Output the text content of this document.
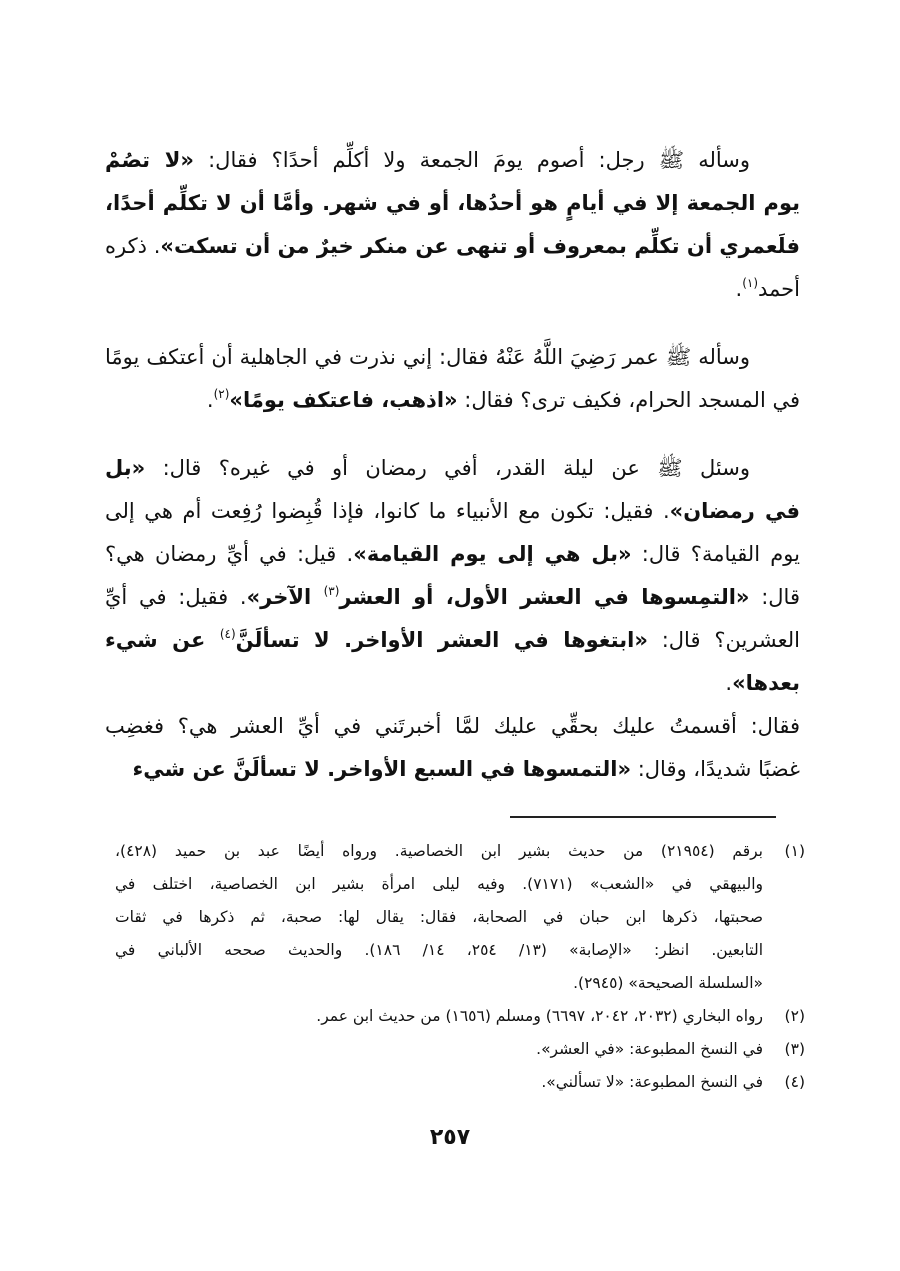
وسأله ﷺ رجل: أصوم يومَ الجمعة ولا أكلِّم أحدًا؟ فقال: «لا تصُمْ
يوم الجمعة إلا في أيامٍ هو أحدُها، أو في شهر. وأمَّا أن لا تكلِّم أحدًا،
فلَعمري أن تكلِّم بمعروف أو تنهى عن منكر خيرٌ من أن تسكت». ذكره
أحمد$^{(١)}$.
وسأله ﷺ عمر رَضِيَ اللَّهُ عَنْهُ فقال: إني نذرت في الجاهلية أن أعتكف يومًا
في المسجد الحرام، فكيف ترى؟ فقال: «اذهب، فاعتكف يومًا»$^{(٢)}$.
وسئل ﷺ عن ليلة القدر، أفي رمضان أو في غيره؟ قال: «بل
في رمضان». فقيل: تكون مع الأنبياء ما كانوا، فإذا قُبِضوا رُفِعت أم هي إلى
يوم القيامة؟ قال: «بل هي إلى يوم القيامة». قيل: في أيِّ رمضان هي؟
قال: «التمِسوها في العشر الأول، أو العشر$^{(٣)}$ الآخر». فقيل: في أيِّ
العشرين؟ قال: «ابتغوها في العشر الأواخر. لا تسألَنَّ$^{(٤)}$ عن شيء بعدها».
فقال: أقسمتُ عليك بحقِّي عليك لمَّا أخبرتَني في أيِّ العشر هي؟ فغضِب
غضبًا شديدًا، وقال: «التمسوها في السبع الأواخر. لا تسألَنَّ عن شيء
(١)
برقم (٢١٩٥٤) من حديث بشير ابن الخصاصية. ورواه أيضًا عبد بن حميد (٤٢٨)،
والبيهقي في «الشعب» (٧١٧١). وفيه ليلى امرأة بشير ابن الخصاصية، اختلف في
صحبتها، ذكرها ابن حبان في الصحابة، فقال: يقال لها: صحبة، ثم ذكرها في ثقات
التابعين. انظر: «الإصابة» (١٣/ ٢٥٤، ١٤/ ١٨٦). والحديث صححه الألباني في
«السلسلة الصحيحة» (٢٩٤٥).
(٢)
رواه البخاري (٢٠٣٢، ٢٠٤٢، ٦٦٩٧) ومسلم (١٦٥٦) من حديث ابن عمر.
(٣)
في النسخ المطبوعة: «في العشر».
(٤)
في النسخ المطبوعة: «لا تسألني».
٢٥٧
